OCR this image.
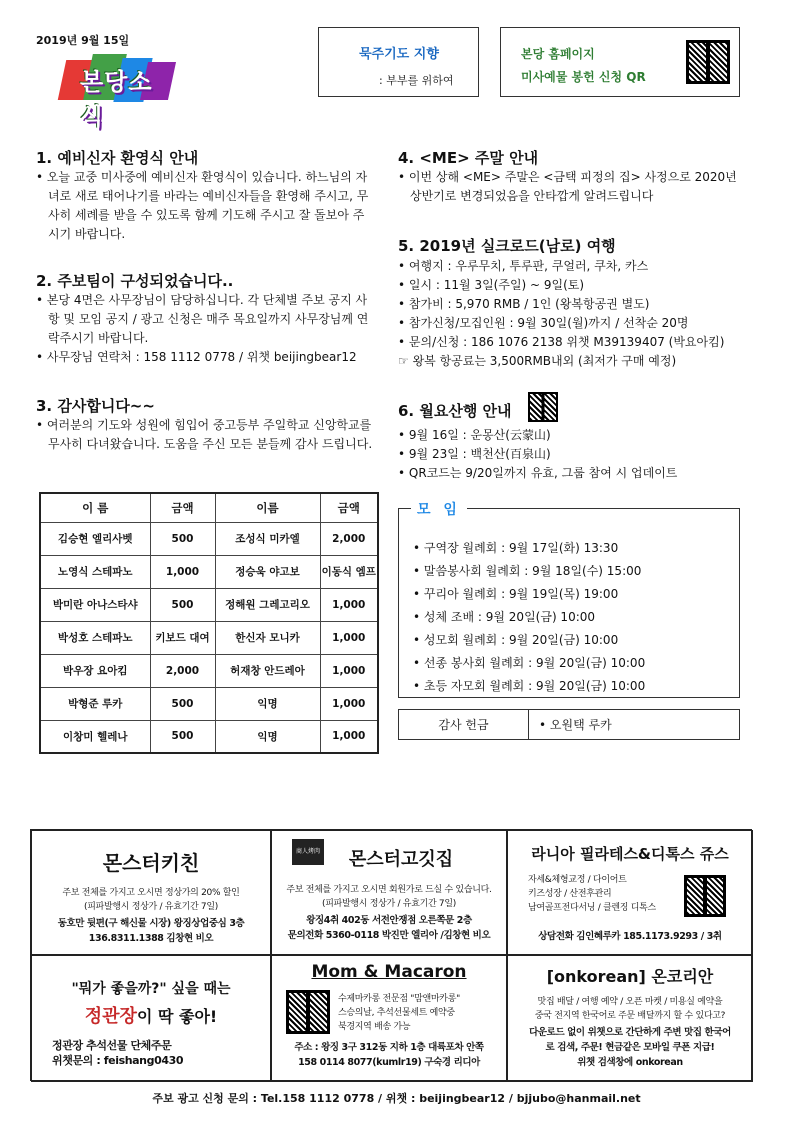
2019년 9월 15일
본당소식
묵주기도 지향
: 부부를 위하여
본당 홈페이지
미사예물 봉헌 신청 QR
1. 예비신자 환영식 안내
• 오늘 교중 미사중에 예비신자 환영식이 있습니다. 하느님의 자녀로 새로 태어나기를 바라는 예비신자들을 환영해 주시고, 무사히 세례를 받을 수 있도록 함께 기도해 주시고 잘 돌보아 주시기 바랍니다.
2. 주보팀이 구성되었습니다..
• 본당 4면은 사무장님이 담당하십니다. 각 단체별 주보 공지 사항 및 모임 공지 / 광고 신청은 매주 목요일까지 사무장님께 연락주시기 바랍니다.
• 사무장님 연락처 : 158 1112 0778 / 위챗 beijingbear12
3. 감사합니다~~
• 여러분의 기도와 성원에 힘입어 중고등부 주일학교 신앙학교를 무사히 다녀왔습니다. 도움을 주신 모든 분들께 감사 드립니다.
이 름	금액	이름	금액
김승현 엘리사벳	500	조성식 미카엘	2,000
노영식 스테파노	1,000	정승욱 야고보	이동식 엠프
박미란 아나스타샤	500	정해원 그레고리오	1,000
박성호 스테파노	키보드 대여	한신자 모니카	1,000
박우장 요아킴	2,000	허재창 안드레아	1,000
박형준 루카	500	익명	1,000
이창미 헬레나	500	익명	1,000
4. <ME> 주말 안내
• 이번 상해 <ME> 주말은 <금택 피정의 집> 사정으로 2020년 상반기로 변경되었음을 안타깝게 알려드립니다
5. 2019년 실크로드(남로) 여행
• 여행지 : 우루무치, 투루판, 쿠얼러, 쿠차, 카스
• 일시 : 11월 3일(주일) ~ 9일(토)
• 참가비 : 5,970 RMB / 1인 (왕복항공권 별도)
• 참가신청/모집인원 : 9월 30일(월)까지 / 선착순 20명
• 문의/신청 : 186 1076 2138 위챗 M39139407 (박요아킴)
☞ 왕복 항공료는 3,500RMB내외 (최저가 구매 예정)
6. 월요산행 안내
• 9월 16일 : 운몽산(云蒙山)
• 9월 23일 : 백천산(百泉山)
• QR코드는 9/20일까지 유효, 그룹 참여 시 업데이트
모 임
• 구역장 월례회 : 9월 17일(화) 13:30
• 말씀봉사회 월례회 : 9월 18일(수) 15:00
• 꾸리아 월례회 : 9월 19일(목) 19:00
• 성체 조배 : 9월 20일(금) 10:00
• 성모회 월례회 : 9월 20일(금) 10:00
• 선종 봉사회 월례회 : 9월 20일(금) 10:00
• 초등 자모회 월례회 : 9월 20일(금) 10:00
감사 헌금	• 오원택 루카
몬스터키친
주보 전체를 가지고 오시면 정상가의 20% 할인
(피파발행시 정상가 / 유효기간 7일)
동호만 뒷편(구 해신물 시장) 왕징상업중심 3층
136.8311.1388 김창현 비오
商人烤肉	몬스터고깃집
주보 전체를 가지고 오시면 회원가로 드실 수 있습니다.
(피파발행시 정상가 / 유효기간 7일)
왕징4취 402동 서전안쟁점 오른쪽문 2층
문의전화 5360-0118 박진만 엘리아 /김창현 비오
라니아 필라테스&디톡스 쥬스
자세&체형교정 / 다이어트
키즈성장 / 산전후관리
남여골프전다서닝 / 클렌징 디톡스
상담전화 김인혜루카 185.1173.9293 / 3취
"뭐가 좋을까?" 싶을 때는
정관장이 딱 좋아!
정관장 추석선물 단체주문
위챗문의 : feishang0430
Mom & Macaron
수제마카롱 전문점 "맘앤마카롱"
스승의날, 추석선물세트 예약중
북경지역 배송 가능
주소 : 왕징 3구 312동 지하 1층 대륙포차 안쪽
158 0114 8077(kumlr19) 구숙경 리디아
[onkorean] 온코리안
맛집 배달 / 여행 예약 / 오픈 마켓 / 미용실 예약을
중국 전지역 한국어로 주문 배달까지 할 수 있다고?
다운로드 없이 위챗으로 간단하게 주변 맛집 한국어
로 검색, 주문! 현금같은 모바일 쿠폰 지급!
위챗 검색창에 onkorean
주보 광고 신청 문의 : Tel.158 1112 0778 / 위챗 : beijingbear12 / bjjubo@hanmail.net
